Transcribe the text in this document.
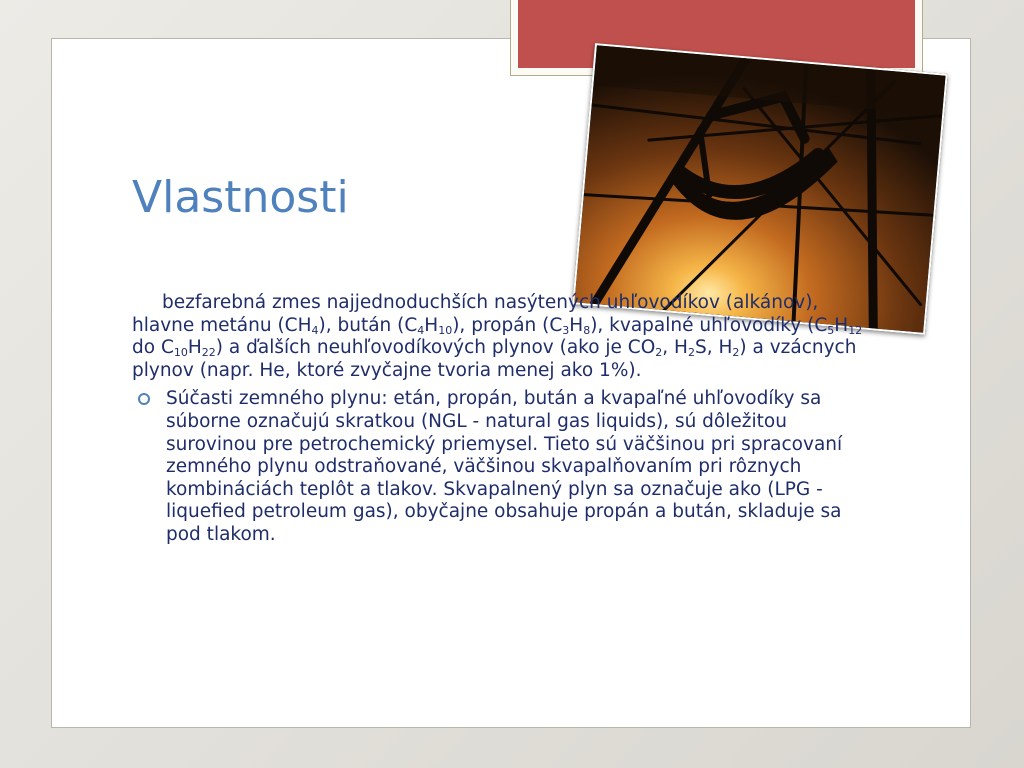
Vlastnosti

bezfarebná zmes najjednoduchších nasýtených uhľovodíkov (alkánov), hlavne metánu $(CH_4)$, bután $(C_4H_{10})$, propán $(C_3H_8)$, kvapalné uhľovodíky ($C_5H_{12}$ do $C_{10}H_{22}$) a ďalších neuhľovodíkových plynov (ako je $CO_2$, $H_2S$, $H_2$) a vzácnych plynov (napr. He, ktoré zvyčajne tvoria menej ako 1%).

Súčasti zemného plynu: etán, propán, bután a kvapaľné uhľovodíky sa súborne označujú skratkou (NGL - natural gas liquids), sú dôležitou surovinou pre petrochemický priemysel. Tieto sú väčšinou pri spracovaní zemného plynu odstraňované, väčšinou skvapalňovaním pri rôznych kombináciách teplôt a tlakov. Skvapalnený plyn sa označuje ako (LPG - liquefied petroleum gas), obyčajne obsahuje propán a bután, skladuje sa pod tlakom.
